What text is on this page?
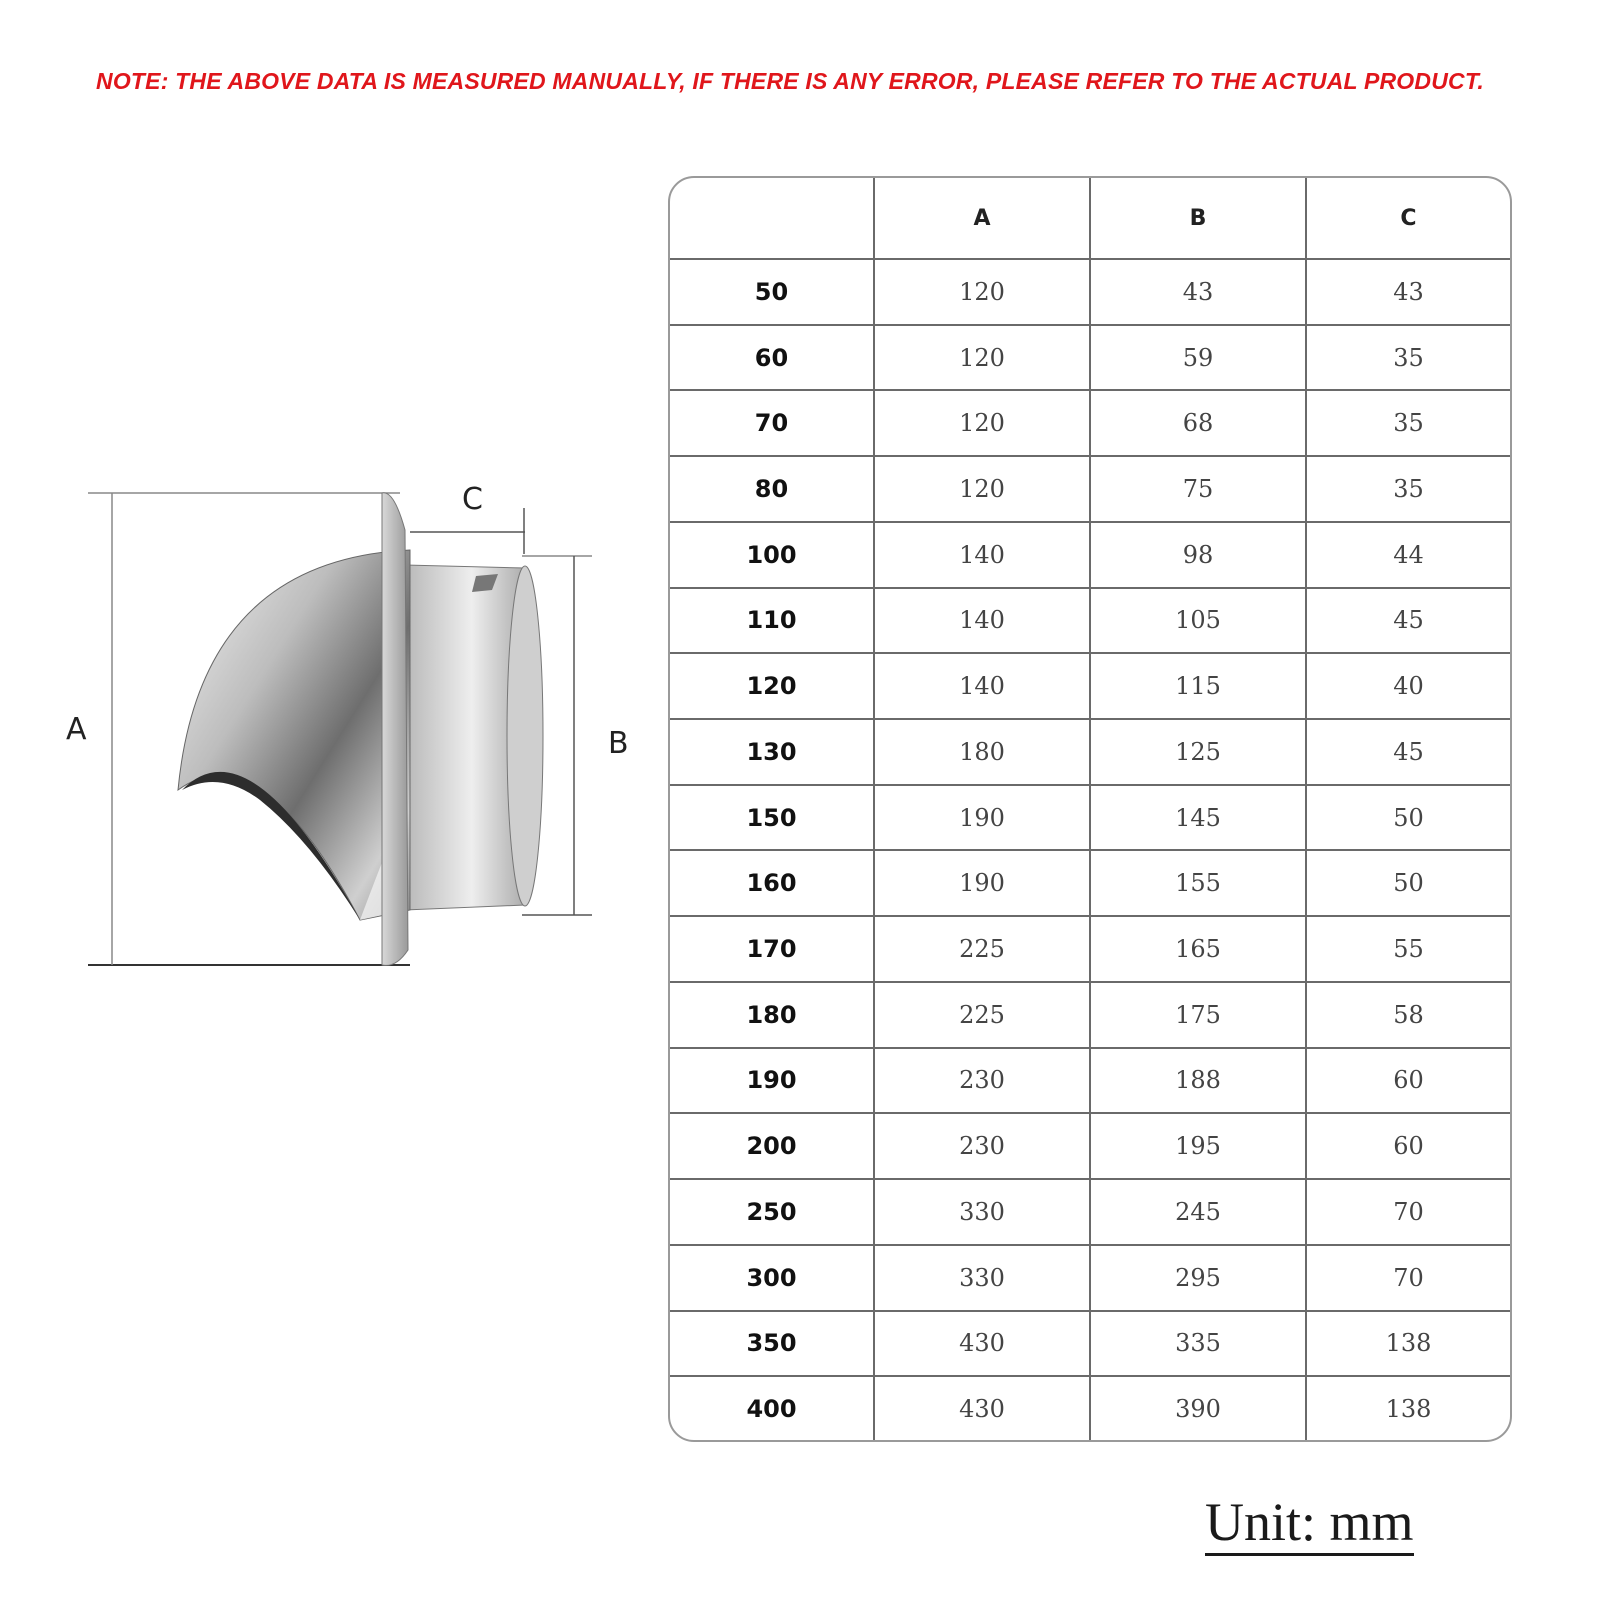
NOTE: THE ABOVE DATA IS MEASURED MANUALLY, IF THERE IS ANY ERROR, PLEASE REFER TO THE ACTUAL PRODUCT.
A	B
C
	A	B	C
50	120	43	43
60	120	59	35
70	120	68	35
80	120	75	35
100	140	98	44
110	140	105	45
120	140	115	40
130	180	125	45
150	190	145	50
160	190	155	50
170	225	165	55
180	225	175	58
190	230	188	60
200	230	195	60
250	330	245	70
300	330	295	70
350	430	335	138
400	430	390	138
Unit: mm
